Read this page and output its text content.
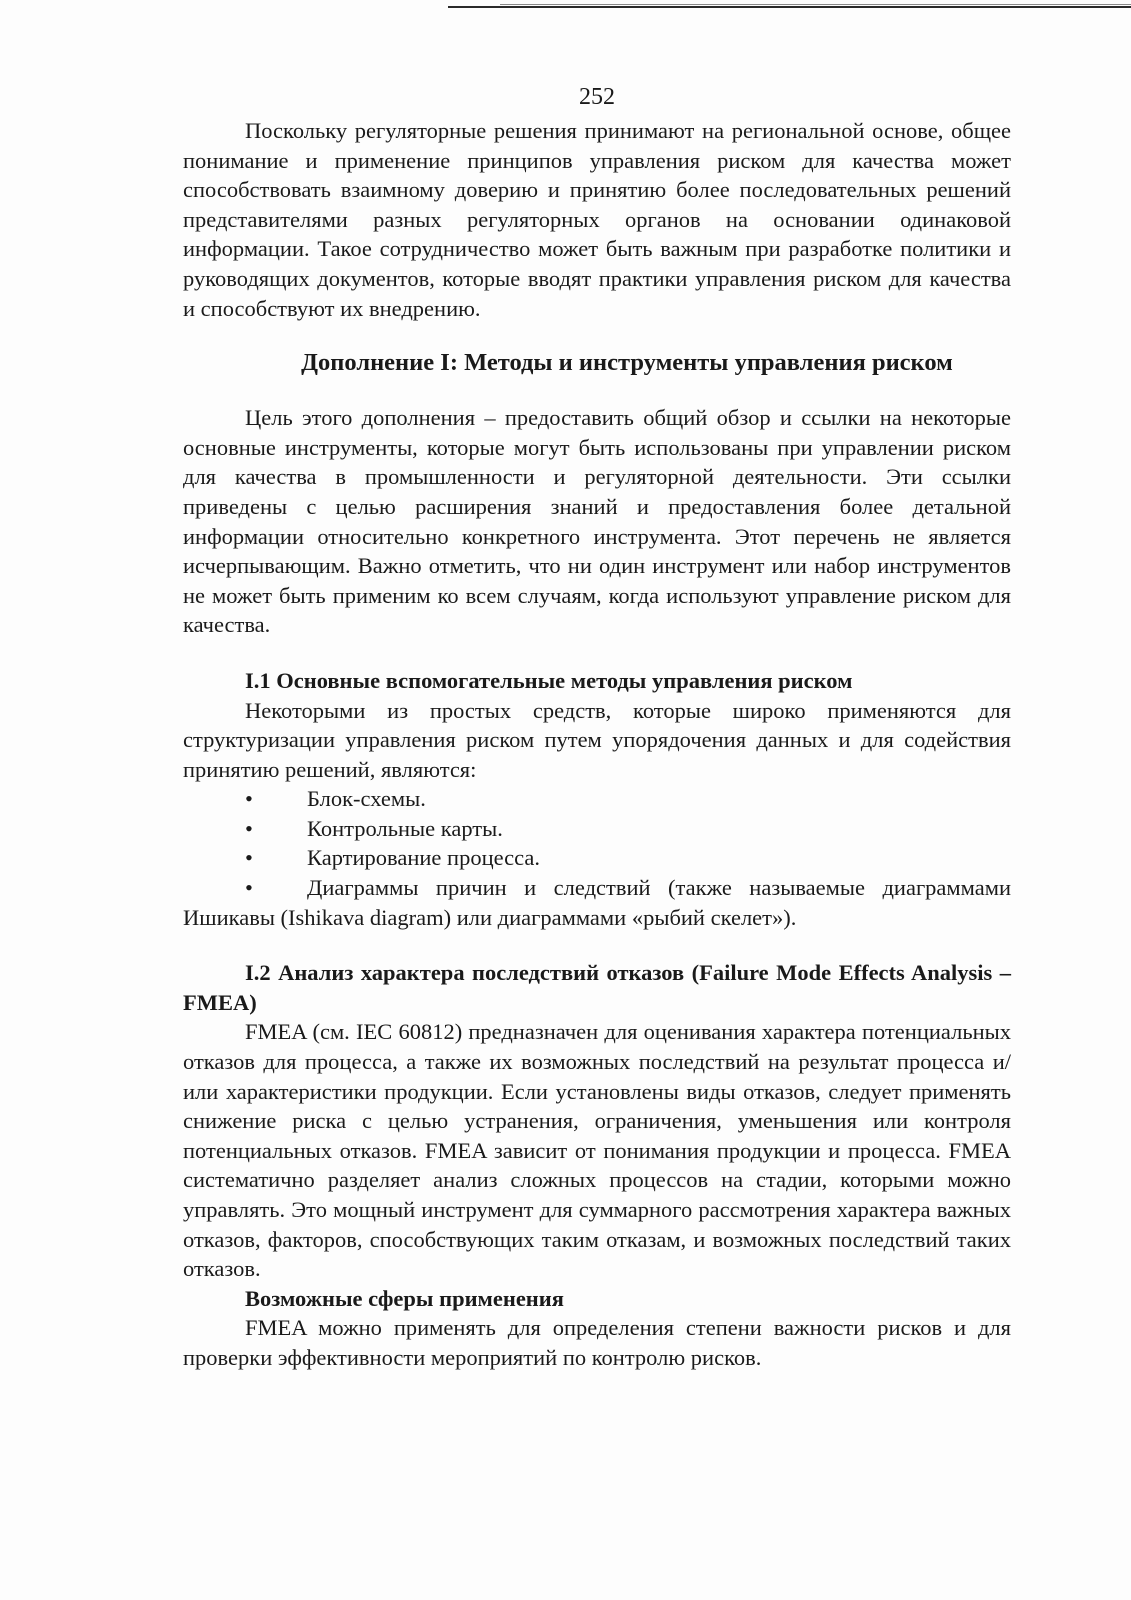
252

Поскольку регуляторные решения принимают на региональной основе, общее понимание и применение принципов управления риском для качества может способствовать взаимному доверию и принятию более последовательных решений представителями разных регуляторных органов на основании одинаковой информации. Такое сотрудничество может быть важным при разработке политики и руководящих документов, которые вводят практики управления риском для качества и способствуют их внедрению.

Дополнение I: Методы и инструменты управления риском

Цель этого дополнения – предоставить общий обзор и ссылки на некоторые основные инструменты, которые могут быть использованы при управлении риском для качества в промышленности и регуляторной деятельности. Эти ссылки приведены с целью расширения знаний и предоставления более детальной информации относительно конкретного инструмента. Этот перечень не является исчерпывающим. Важно отметить, что ни один инструмент или набор инструментов не может быть применим ко всем случаям, когда используют управление риском для качества.

I.1 Основные вспомогательные методы управления риском

Некоторыми из простых средств, которые широко применяются для структуризации управления риском путем упорядочения данных и для содействия принятию решений, являются:

• Блок-схемы.
• Контрольные карты.
• Картирование процесса.
• Диаграммы причин и следствий (также называемые диаграммами Ишикавы (Ishikava diagram) или диаграммами «рыбий скелет»).
I.2 Анализ характера последствий отказов (Failure Mode Effects Analysis – FMEA)

FMEA (см. IEC 60812) предназначен для оценивания характера потенциальных отказов для процесса, а также их возможных последствий на результат процесса и/или характеристики продукции. Если установлены виды отказов, следует применять снижение риска с целью устранения, ограничения, уменьшения или контроля потенциальных отказов. FMEA зависит от понимания продукции и процесса. FMEA систематично разделяет анализ сложных процессов на стадии, которыми можно управлять. Это мощный инструмент для суммарного рассмотрения характера важных отказов, факторов, способствующих таким отказам, и возможных последствий таких отказов.

Возможные сферы применения

FMEA можно применять для определения степени важности рисков и для проверки эффективности мероприятий по контролю рисков.
